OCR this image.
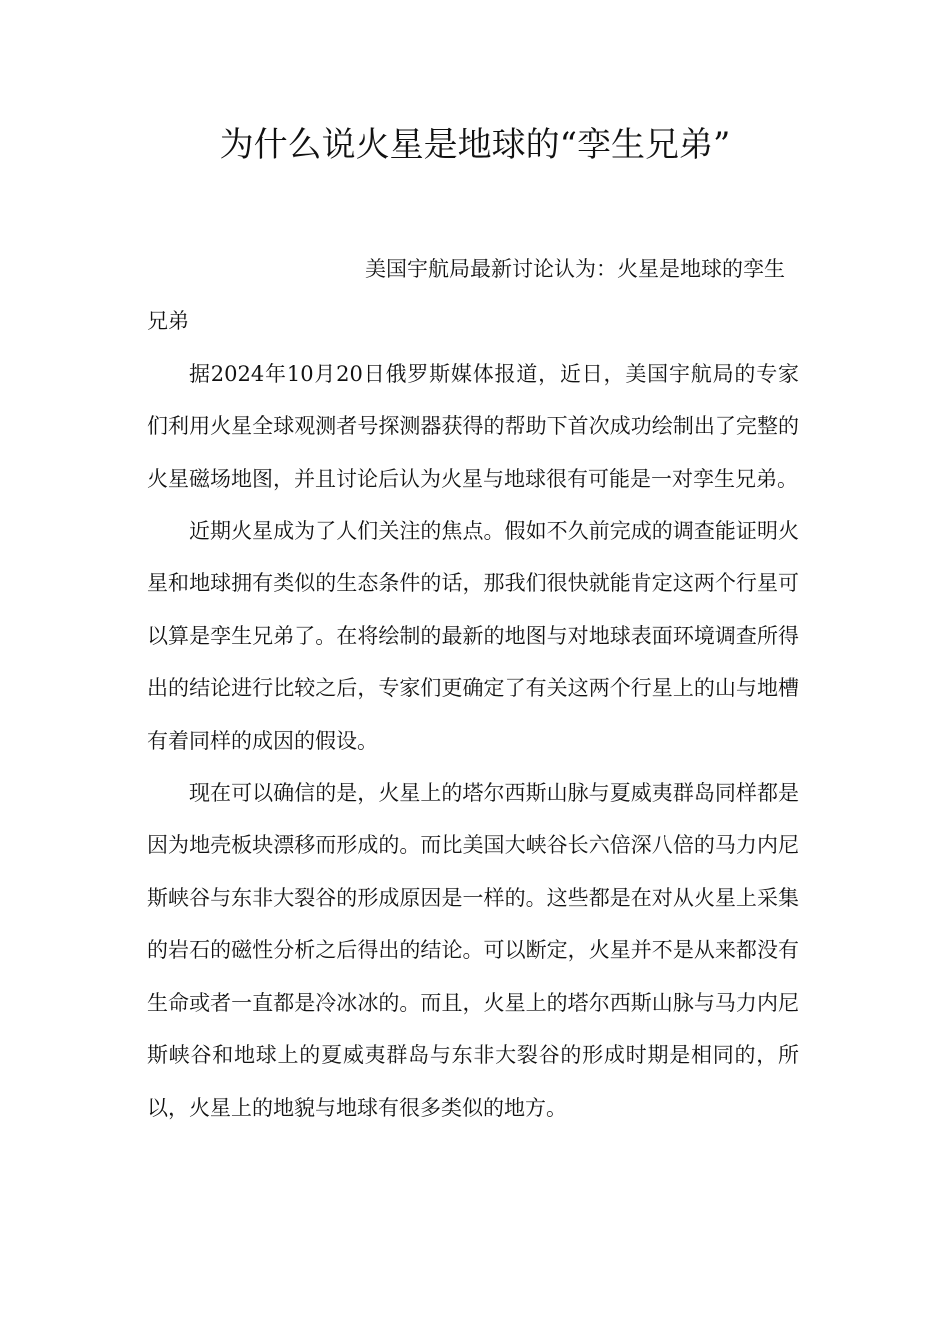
为什么说火星是地球的“孪生兄弟”

美国宇航局最新讨论认为：火星是地球的孪生兄弟

据2024年10月20日俄罗斯媒体报道，近日，美国宇航局的专家们利用火星全球观测者号探测器获得的帮助下首次成功绘制出了完整的火星磁场地图，并且讨论后认为火星与地球很有可能是一对孪生兄弟。

近期火星成为了人们关注的焦点。假如不久前完成的调查能证明火星和地球拥有类似的生态条件的话，那我们很快就能肯定这两个行星可以算是孪生兄弟了。在将绘制的最新的地图与对地球表面环境调查所得出的结论进行比较之后，专家们更确定了有关这两个行星上的山与地槽有着同样的成因的假设。

现在可以确信的是，火星上的塔尔西斯山脉与夏威夷群岛同样都是因为地壳板块漂移而形成的。而比美国大峡谷长六倍深八倍的马力内尼斯峡谷与东非大裂谷的形成原因是一样的。这些都是在对从火星上采集的岩石的磁性分析之后得出的结论。可以断定，火星并不是从来都没有生命或者一直都是冷冰冰的。而且，火星上的塔尔西斯山脉与马力内尼斯峡谷和地球上的夏威夷群岛与东非大裂谷的形成时期是相同的，所以，火星上的地貌与地球有很多类似的地方。
